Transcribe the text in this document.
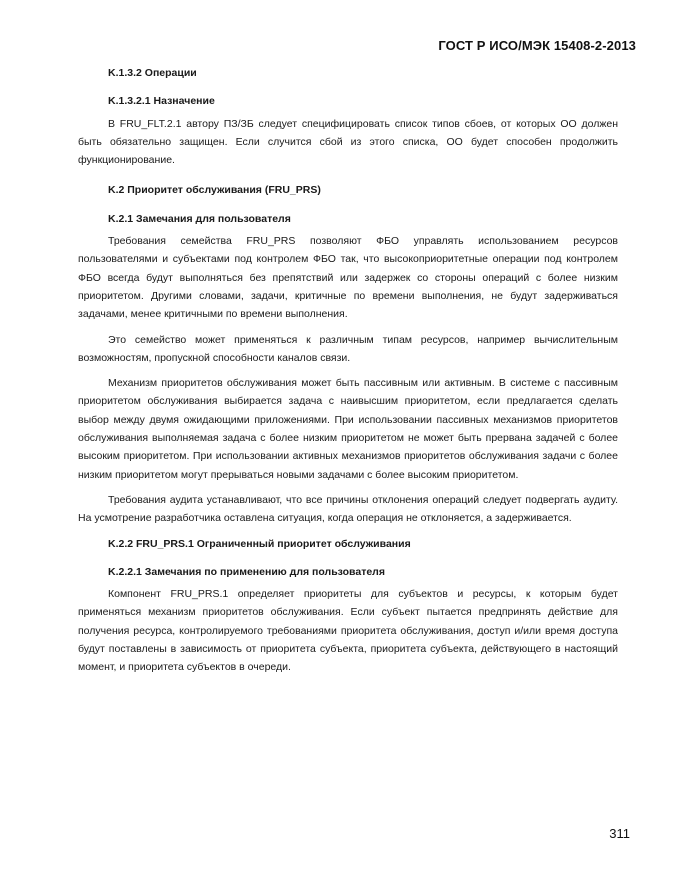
ГОСТ Р ИСО/МЭК 15408-2-2013

K.1.3.2 Операции

K.1.3.2.1 Назначение

В FRU_FLT.2.1 автору ПЗ/ЗБ следует специфицировать список типов сбоев, от которых ОО должен быть обязательно защищен. Если случится сбой из этого списка, ОО будет способен продолжить функционирование.

K.2 Приоритет обслуживания (FRU_PRS)

K.2.1 Замечания для пользователя

Требования семейства FRU_PRS позволяют ФБО управлять использованием ресурсов пользователями и субъектами под контролем ФБО так, что высокоприоритетные операции под контролем ФБО всегда будут выполняться без препятствий или задержек со стороны операций с более низким приоритетом. Другими словами, задачи, критичные по времени выполнения, не будут задерживаться задачами, менее критичными по времени выполнения.

Это семейство может применяться к различным типам ресурсов, например вычислительным возможностям, пропускной способности каналов связи.

Механизм приоритетов обслуживания может быть пассивным или активным. В системе с пассивным приоритетом обслуживания выбирается задача с наивысшим приоритетом, если предлагается сделать выбор между двумя ожидающими приложениями. При использовании пассивных механизмов приоритетов обслуживания выполняемая задача с более низким приоритетом не может быть прервана задачей с более высоким приоритетом. При использовании активных механизмов приоритетов обслуживания задачи с более низким приоритетом могут прерываться новыми задачами с более высоким приоритетом.

Требования аудита устанавливают, что все причины отклонения операций следует подвергать аудиту. На усмотрение разработчика оставлена ситуация, когда операция не отклоняется, а задерживается.

K.2.2 FRU_PRS.1 Ограниченный приоритет обслуживания

K.2.2.1 Замечания по применению для пользователя

Компонент FRU_PRS.1 определяет приоритеты для субъектов и ресурсы, к которым будет применяться механизм приоритетов обслуживания. Если субъект пытается предпринять действие для получения ресурса, контролируемого требованиями приоритета обслуживания, доступ и/или время доступа будут поставлены в зависимость от приоритета субъекта, приоритета субъекта, действующего в настоящий момент, и приоритета субъектов в очереди.

311
